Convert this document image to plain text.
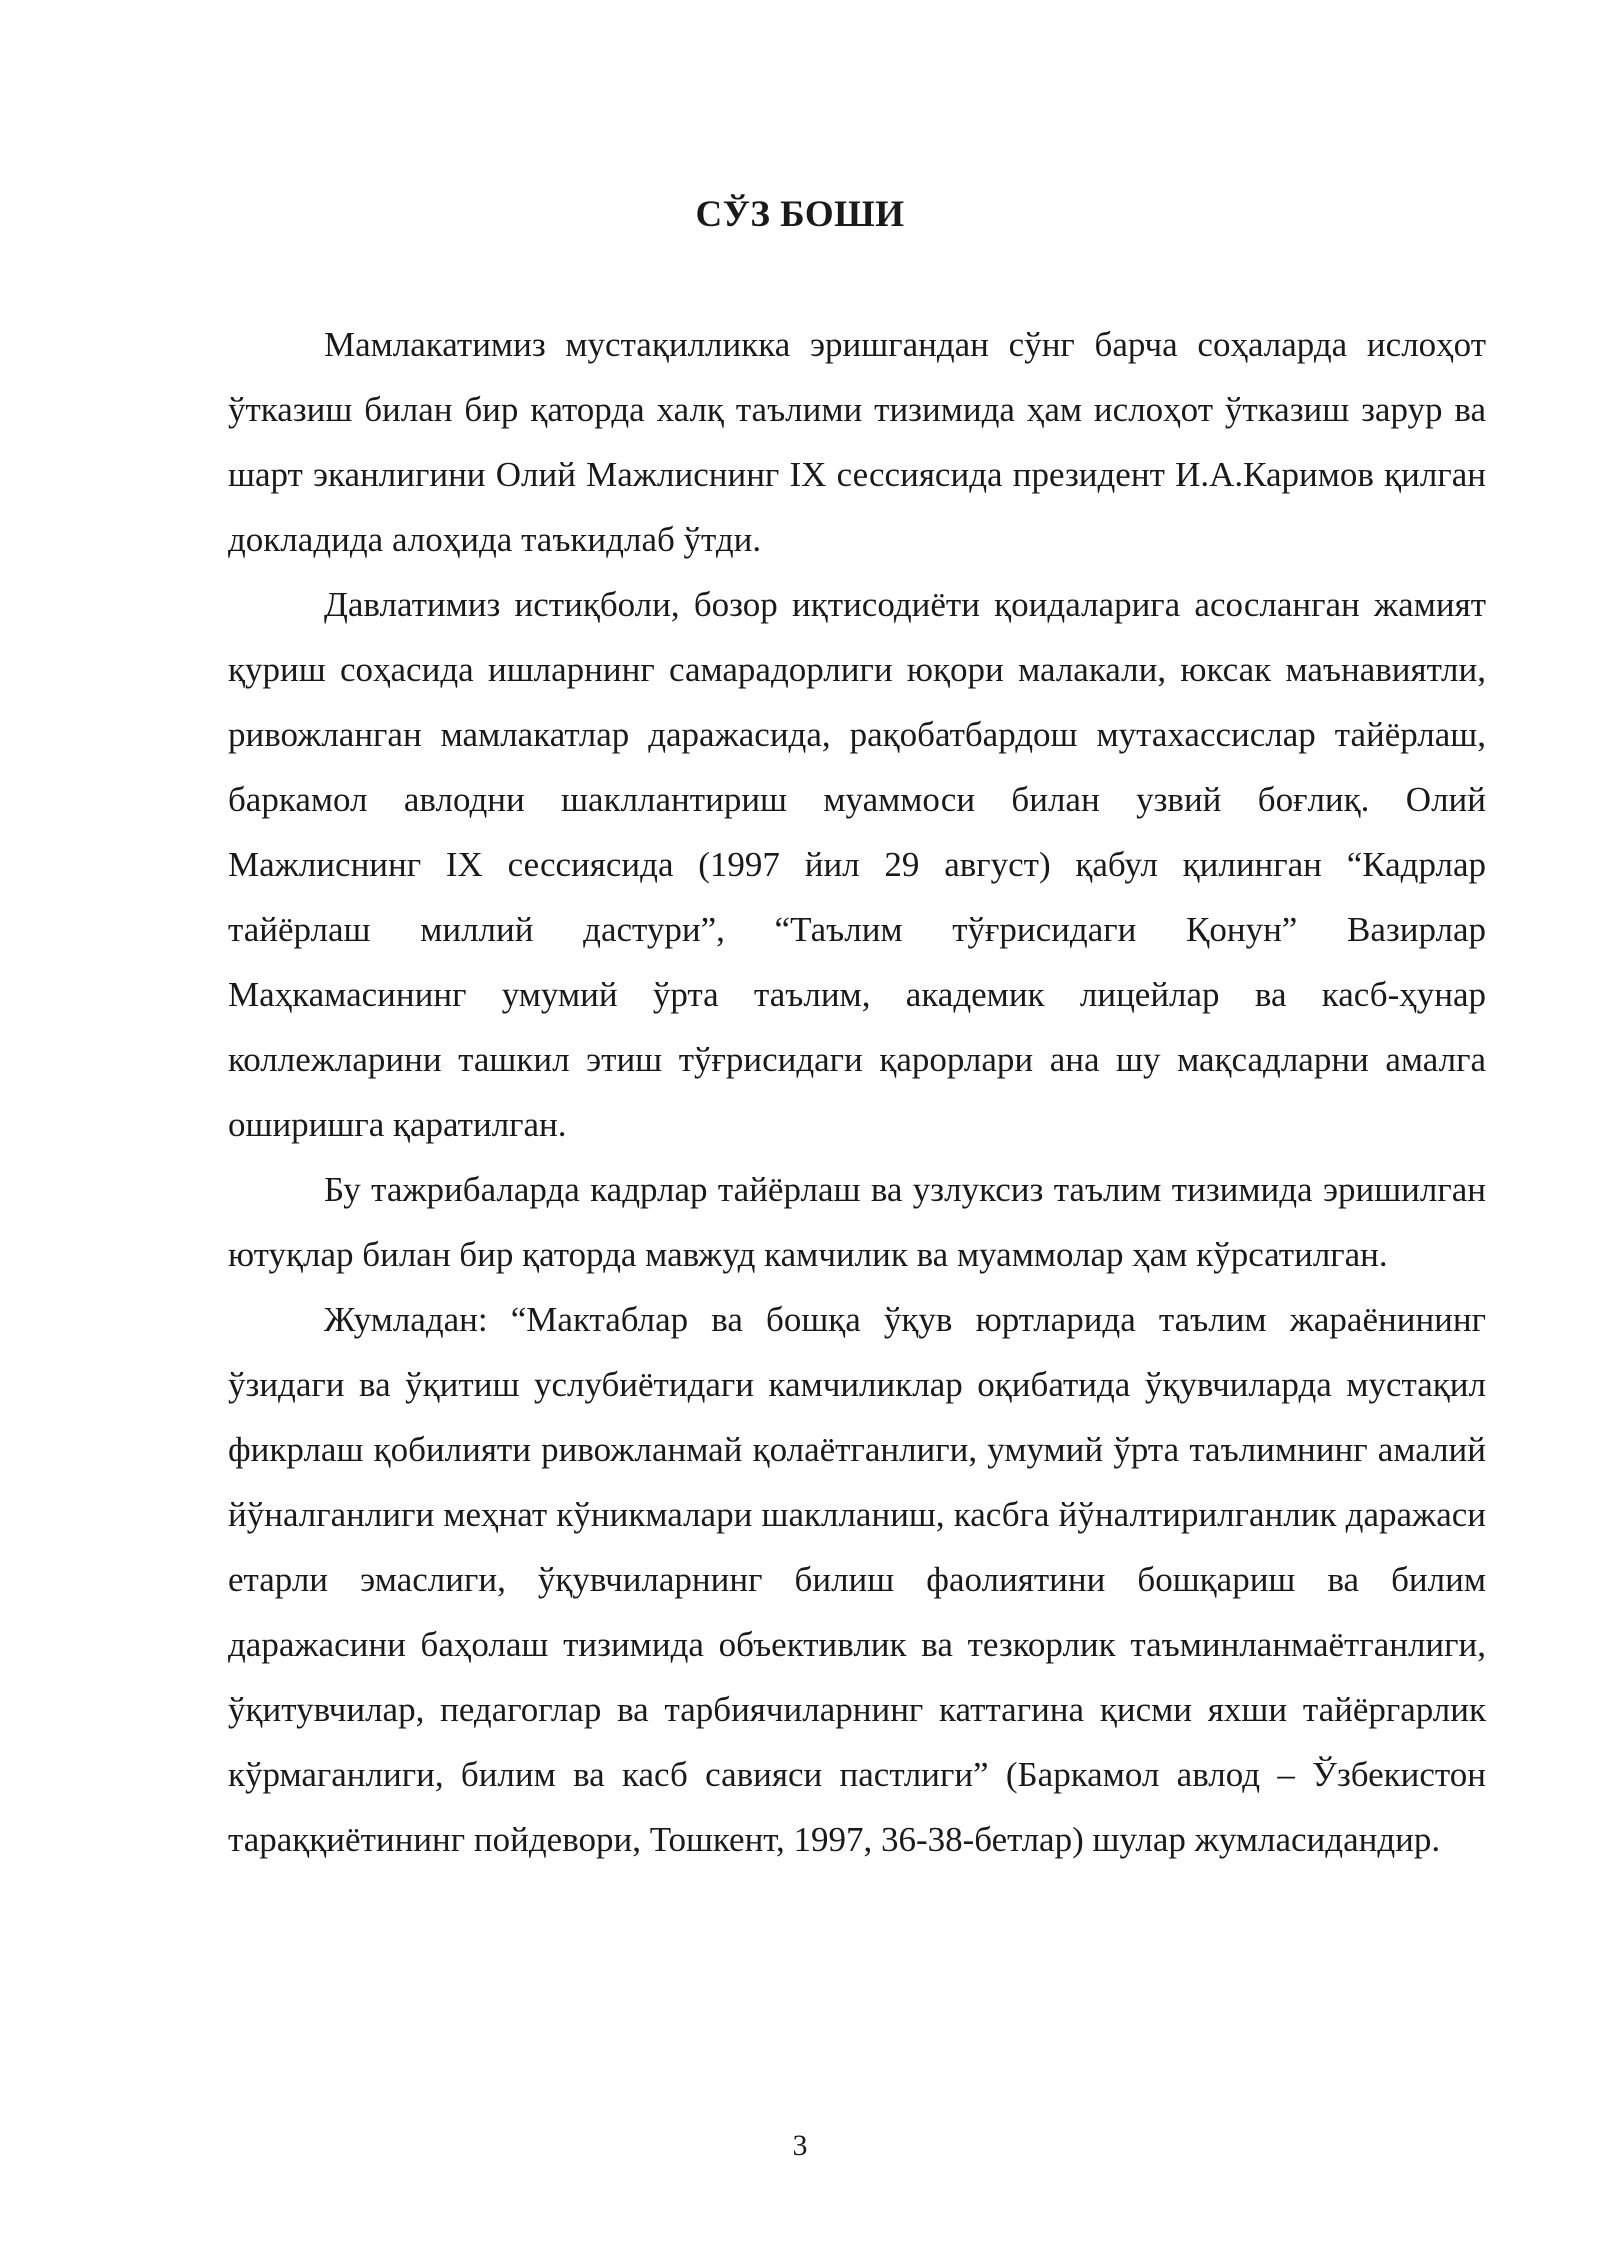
СЎЗ БОШИ

Мамлакатимиз мустақилликка эришгандан сўнг барча соҳаларда ислоҳот ўтказиш билан бир қаторда халқ таълими тизимида ҳам ислоҳот ўтказиш зарур ва шарт эканлигини Олий Мажлиснинг IX сессиясида президент И.А.Каримов қилган докладида алоҳида таъкидлаб ўтди.

Давлатимиз истиқболи, бозор иқтисодиёти қоидаларига асосланган жамият қуриш соҳасида ишларнинг самарадорлиги юқори малакали, юксак маънавиятли, ривожланган мамлакатлар даражасида, рақобатбардош мутахассислар тайёрлаш, баркамол авлодни шакллантириш муаммоси билан узвий боғлиқ. Олий Мажлиснинг IX сессиясида (1997 йил 29 август) қабул қилинган “Кадрлар тайёрлаш миллий дастури”, “Таълим тўғрисидаги Қонун” Вазирлар Маҳкамасининг умумий ўрта таълим, академик лицейлар ва касб-ҳунар коллежларини ташкил этиш тўғрисидаги қарорлари ана шу мақсадларни амалга оширишга қаратилган.

Бу тажрибаларда кадрлар тайёрлаш ва узлуксиз таълим тизимида эришилган ютуқлар билан бир қаторда мавжуд камчилик ва муаммолар ҳам кўрсатилган.

Жумладан: “Мактаблар ва бошқа ўқув юртларида таълим жараёнининг ўзидаги ва ўқитиш услубиётидаги камчиликлар оқибатида ўқувчиларда мустақил фикрлаш қобилияти ривожланмай қолаётганлиги, умумий ўрта таълимнинг амалий йўналганлиги меҳнат кўникмалари шаклланиш, касбга йўналтирилганлик даражаси етарли эмаслиги, ўқувчиларнинг билиш фаолиятини бошқариш ва билим даражасини баҳолаш тизимида объективлик ва тезкорлик таъминланмаётганлиги, ўқитувчилар, педагоглар ва тарбиячиларнинг каттагина қисми яхши тайёргарлик кўрмаганлиги, билим ва касб савияси пастлиги” (Баркамол авлод – Ўзбекистон тараққиётининг пойдевори, Тошкент, 1997, 36-38-бетлар) шулар жумласидандир.

3
